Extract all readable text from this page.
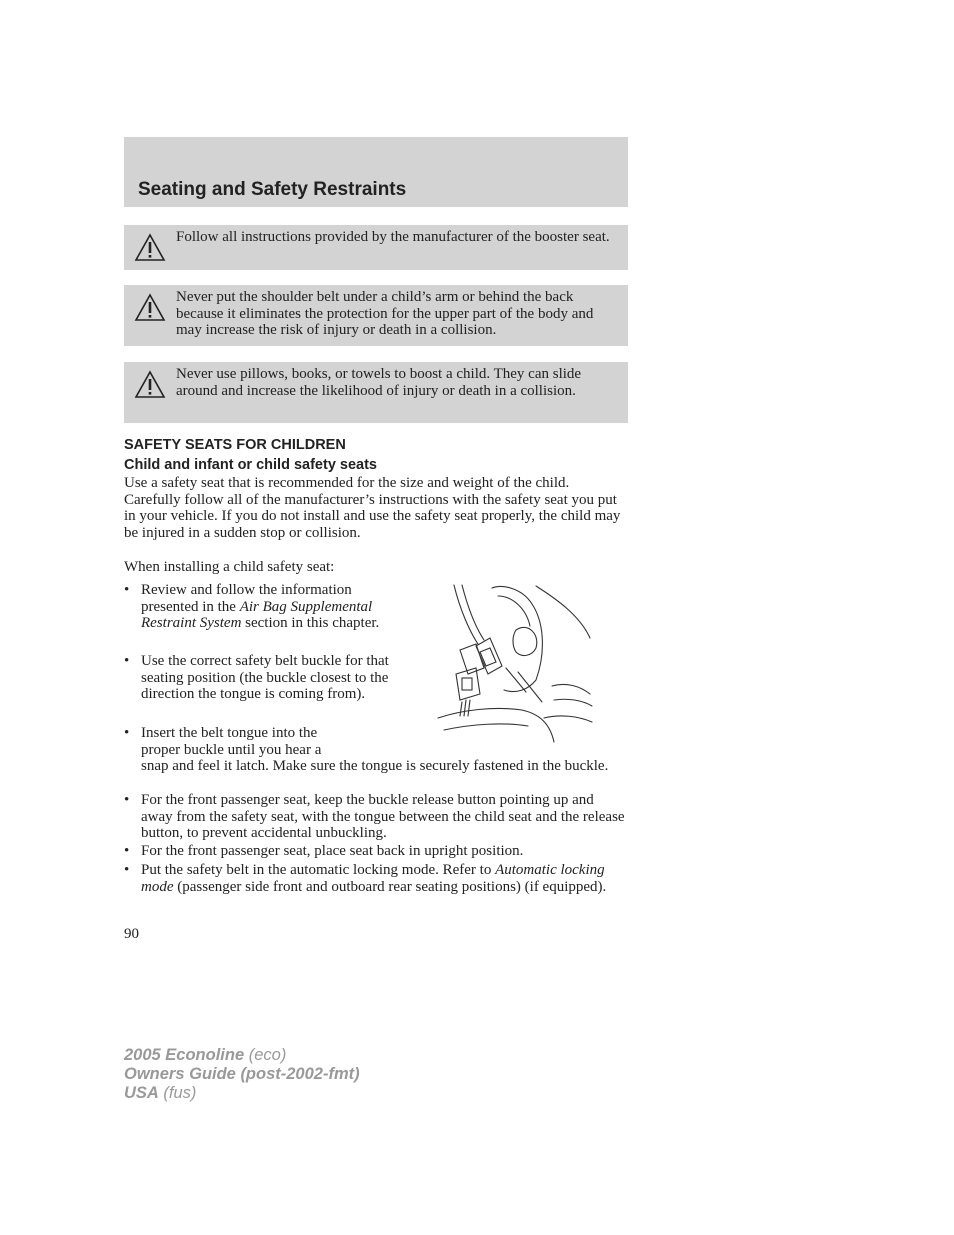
Seating and Safety Restraints
Follow all instructions provided by the manufacturer of the booster seat.
Never put the shoulder belt under a child’s arm or behind the back because it eliminates the protection for the upper part of the body and may increase the risk of injury or death in a collision.
Never use pillows, books, or towels to boost a child. They can slide around and increase the likelihood of injury or death in a collision.
SAFETY SEATS FOR CHILDREN
Child and infant or child safety seats

Use a safety seat that is recommended for the size and weight of the child. Carefully follow all of the manufacturer’s instructions with the safety seat you put in your vehicle. If you do not install and use the safety seat properly, the child may be injured in a sudden stop or collision.

When installing a child safety seat:

• Review and follow the information presented in the Air Bag Supplemental Restraint System section in this chapter.
• Use the correct safety belt buckle for that seating position (the buckle closest to the direction the tongue is coming from).
• Insert the belt tongue into the
proper buckle until you hear a
snap and feel it latch. Make sure the tongue is securely fastened in the buckle.
• For the front passenger seat, keep the buckle release button pointing up and away from the safety seat, with the tongue between the child seat and the release button, to prevent accidental unbuckling.
• For the front passenger seat, place seat back in upright position.
• Put the safety belt in the automatic locking mode. Refer to Automatic locking mode (passenger side front and outboard rear seating positions) (if equipped).

90

2005 Econoline (eco)
Owners Guide (post-2002-fmt)
USA (fus)
